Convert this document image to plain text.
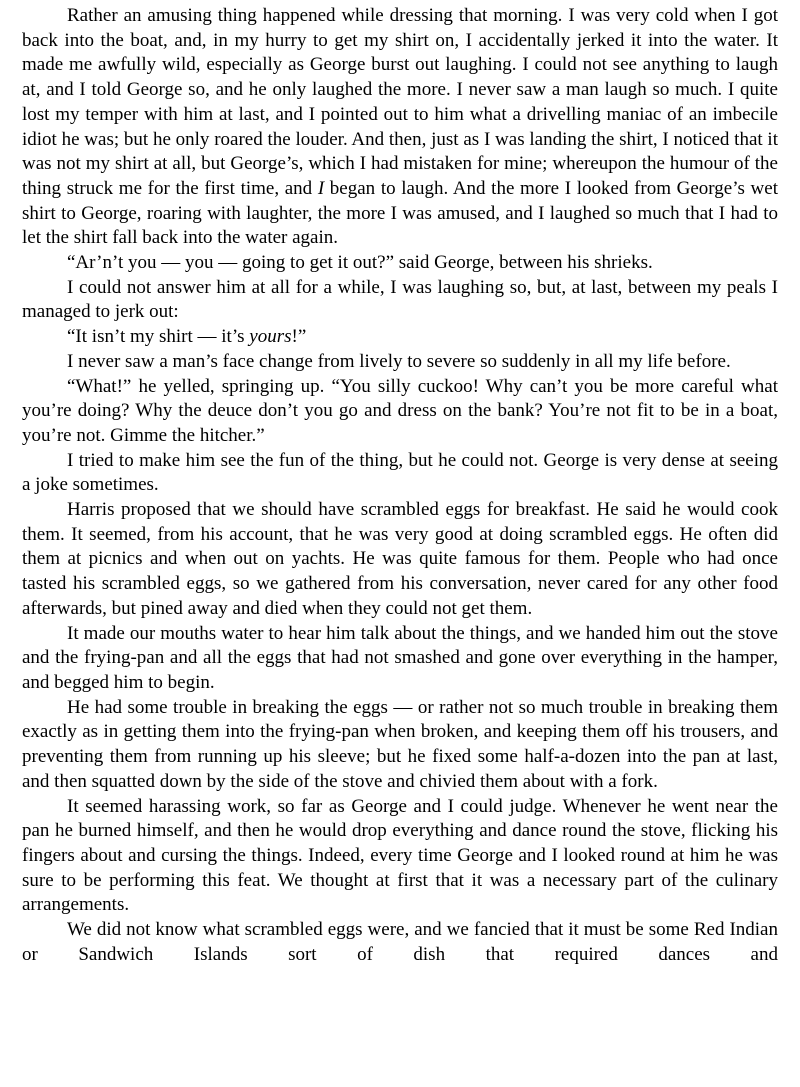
Rather an amusing thing happened while dressing that morning. I was very cold when I got back into the boat, and, in my hurry to get my shirt on, I accidentally jerked it into the water. It made me awfully wild, especially as George burst out laughing. I could not see anything to laugh at, and I told George so, and he only laughed the more. I never saw a man laugh so much. I quite lost my temper with him at last, and I pointed out to him what a drivelling maniac of an imbecile idiot he was; but he only roared the louder. And then, just as I was landing the shirt, I noticed that it was not my shirt at all, but George’s, which I had mistaken for mine; whereupon the humour of the thing struck me for the first time, and I began to laugh. And the more I looked from George’s wet shirt to George, roaring with laughter, the more I was amused, and I laughed so much that I had to let the shirt fall back into the water again.

“Ar’n’t you — you — going to get it out?” said George, between his shrieks.

I could not answer him at all for a while, I was laughing so, but, at last, between my peals I managed to jerk out:

“It isn’t my shirt — it’s yours!”

I never saw a man’s face change from lively to severe so suddenly in all my life before.

“What!” he yelled, springing up. “You silly cuckoo! Why can’t you be more careful what you’re doing? Why the deuce don’t you go and dress on the bank? You’re not fit to be in a boat, you’re not. Gimme the hitcher.”

I tried to make him see the fun of the thing, but he could not. George is very dense at seeing a joke sometimes.

Harris proposed that we should have scrambled eggs for breakfast. He said he would cook them. It seemed, from his account, that he was very good at doing scrambled eggs. He often did them at picnics and when out on yachts. He was quite famous for them. People who had once tasted his scrambled eggs, so we gathered from his conversation, never cared for any other food afterwards, but pined away and died when they could not get them.

It made our mouths water to hear him talk about the things, and we handed him out the stove and the frying-pan and all the eggs that had not smashed and gone over everything in the hamper, and begged him to begin.

He had some trouble in breaking the eggs — or rather not so much trouble in breaking them exactly as in getting them into the frying-pan when broken, and keeping them off his trousers, and preventing them from running up his sleeve; but he fixed some half-a-dozen into the pan at last, and then squatted down by the side of the stove and chivied them about with a fork.

It seemed harassing work, so far as George and I could judge. Whenever he went near the pan he burned himself, and then he would drop everything and dance round the stove, flicking his fingers about and cursing the things. Indeed, every time George and I looked round at him he was sure to be performing this feat. We thought at first that it was a necessary part of the culinary arrangements.

We did not know what scrambled eggs were, and we fancied that it must be some Red Indian or Sandwich Islands sort of dish that required dances and
